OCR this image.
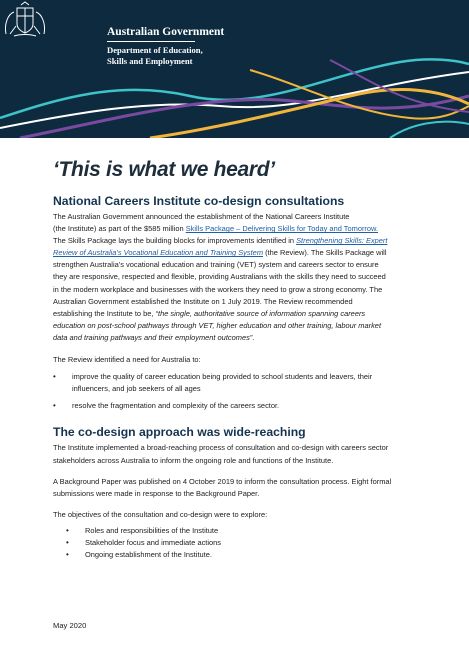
Australian Government
Department of Education,
Skills and Employment
‘This is what we heard’
National Careers Institute co-design consultations

The Australian Government announced the establishment of the National Careers Institute
(the Institute) as part of the $585 million Skills Package – Delivering Skills for Today and Tomorrow.
The Skills Package lays the building blocks for improvements identified in Strengthening Skills: Expert
Review of Australia’s Vocational Education and Training System (the Review). The Skills Package will
strengthen Australia’s vocational education and training (VET) system and careers sector to ensure
they are responsive, respected and flexible, providing Australians with the skills they need to succeed
in the modern workplace and businesses with the workers they need to grow a strong economy. The
Australian Government established the Institute on 1 July 2019. The Review recommended
establishing the Institute to be, “the single, authoritative source of information spanning careers
education on post-school pathways through VET, higher education and other training, labour market
data and training pathways and their employment outcomes”.

The Review identified a need for Australia to:

• improve the quality of career education being provided to school students and leavers, their
influencers, and job seekers of all ages
• resolve the fragmentation and complexity of the careers sector.
The co-design approach was wide-reaching

The Institute implemented a broad-reaching process of consultation and co-design with careers sector
stakeholders across Australia to inform the ongoing role and functions of the Institute.

A Background Paper was published on 4 October 2019 to inform the consultation process. Eight formal
submissions were made in response to the Background Paper.

The objectives of the consultation and co-design were to explore:

• Roles and responsibilities of the Institute
• Stakeholder focus and immediate actions
• Ongoing establishment of the Institute.
May 2020
